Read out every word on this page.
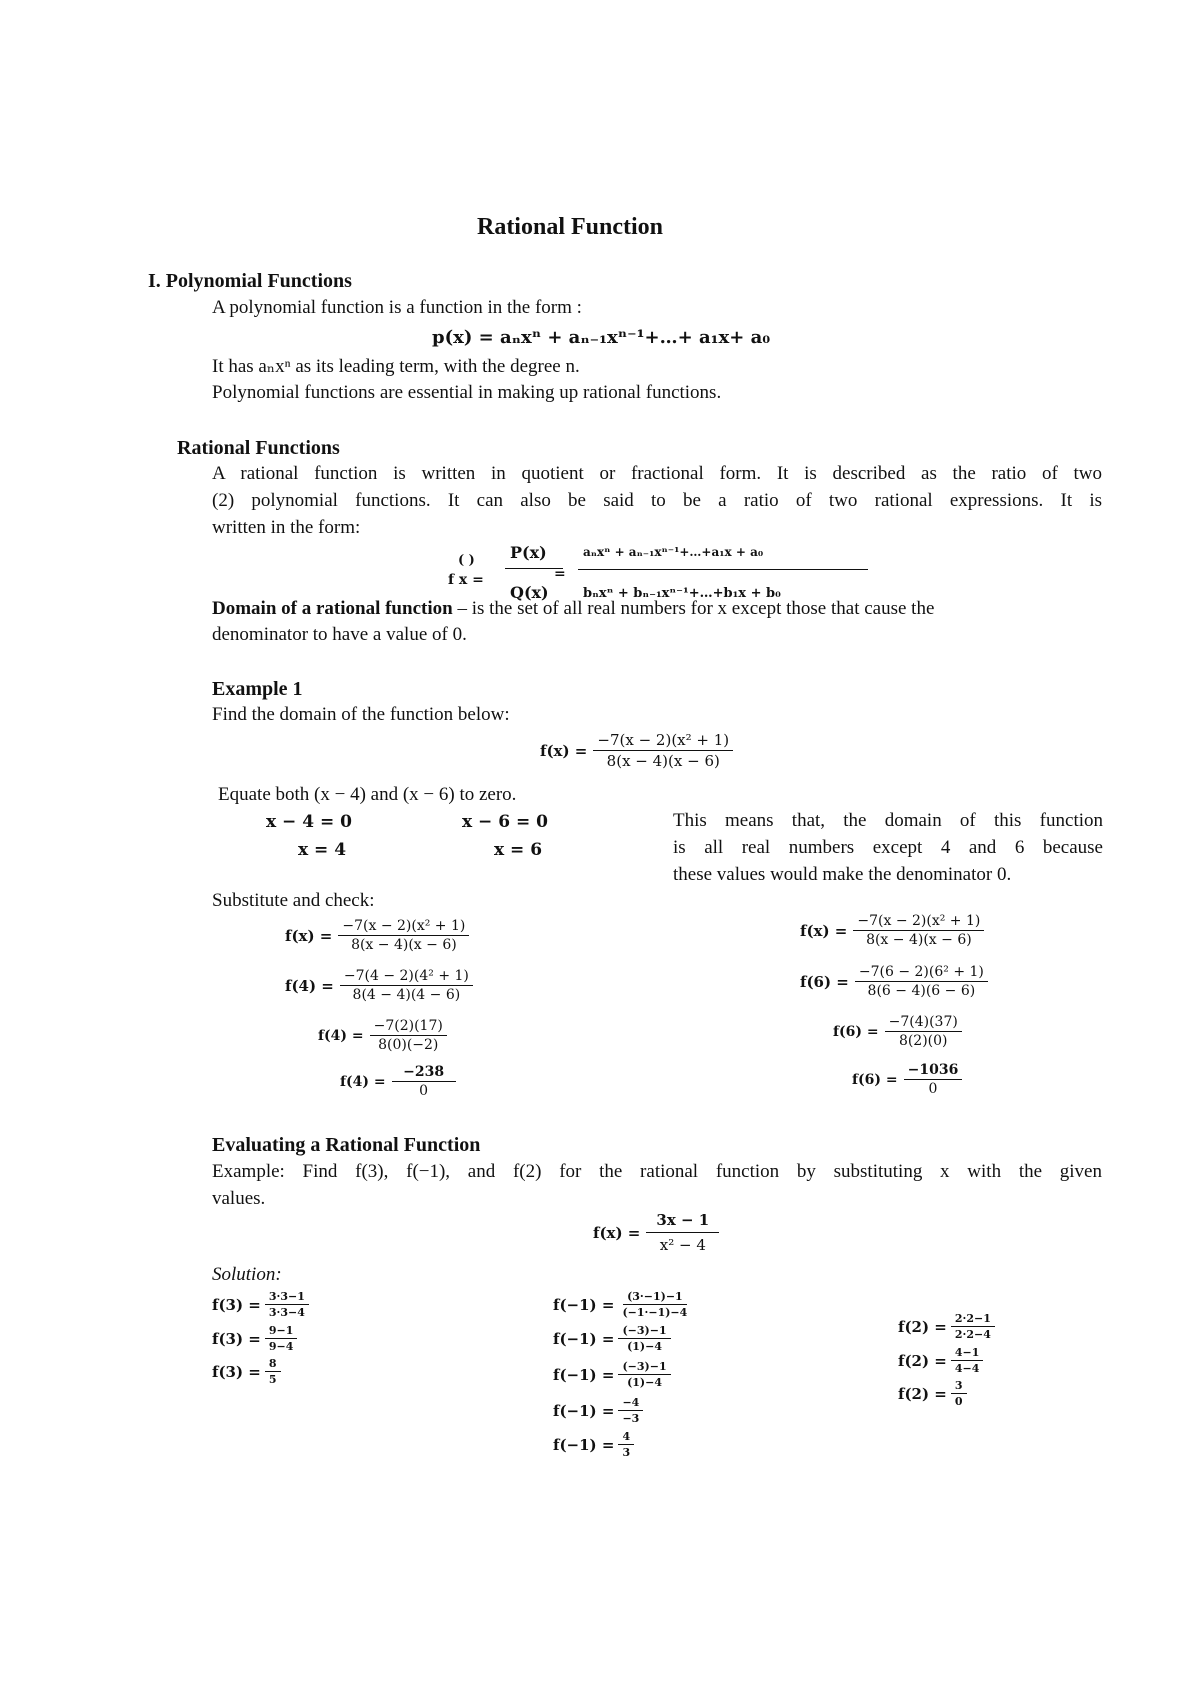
Rational Function
I. Polynomial Functions
A polynomial function is a function in the form :
p(x) = aₙxⁿ + aₙ₋₁xⁿ⁻¹+…+ a₁x+ a₀
It has aₙxⁿ as its leading term, with the degree n.
Polynomial functions are essential in making up rational functions.
Rational Functions
A rational function is written in quotient or fractional form. It is described as the ratio of two
(2) polynomial functions. It can also be said to be a ratio of two rational expressions. It is
written in the form:
( )
f x =
P(x)
Q(x)
=
aₙxⁿ + aₙ₋₁xⁿ⁻¹+…+a₁x + a₀
bₙxⁿ + bₙ₋₁xⁿ⁻¹+…+b₁x + b₀
Domain of a rational function – is the set of all real numbers for x except those that cause the
denominator to have a value of 0.
Example 1
Find the domain of the function below:
$f(x) = \frac{\text{−7(x − 2)(x² + 1)}}{8(x - 4)(x - 6)}$
Equate both (x − 4) and (x − 6) to zero.
x − 4 = 0
x = 4
x − 6 = 0
x = 6
This means that, the domain of this function
is all real numbers except 4 and 6 because
these values would make the denominator 0.
Substitute and check:
$f(x) = \frac{\text{−7(x − 2)(x² + 1)}}{8(x - 4)(x - 6)}$
$f(4) = \frac{\text{−7(4 − 2)(4² + 1)}}{8(4 - 4)(4 - 6)}$
$f(4) = \frac{-7(2)(17)}{8(0)(-2)}$
$f(4) = \frac{-238}{0}$
$f(x) = \frac{\text{−7(x − 2)(x² + 1)}}{8(x - 4)(x - 6)}$
$f(6) = \frac{\text{−7(6 − 2)(6² + 1)}}{8(6 - 4)(6 - 6)}$
$f(6) = \frac{-7(4)(37)}{8(2)(0)}$
$f(6) = \frac{-1036}{0}$
Evaluating a Rational Function
Example: Find f(3), f(−1), and f(2) for the rational function by substituting x with the given
values.
$f(x) = \frac{3x - 1}{\text{x² − 4}}$
Solution:
$f(3) = \frac{3\cdot 3-1}{3\cdot 3-4}$
$f(3) = \frac{9-1}{9-4}$
$f(3) = \frac{8}{5}$
$f(-1) = \frac{(3\cdot-1)-1}{(-1\cdot-1)-4}$
$f(-1) = \frac{(-3)-1}{(1)-4}$
$f(-1) = \frac{(-3)-1}{(1)-4}$
$f(-1) = \frac{-4}{-3}$
$f(-1) = \frac{4}{3}$
$f(2) = \frac{2\cdot 2-1}{2\cdot 2-4}$
$f(2) = \frac{4-1}{4-4}$
$f(2) = \frac{3}{0}$
